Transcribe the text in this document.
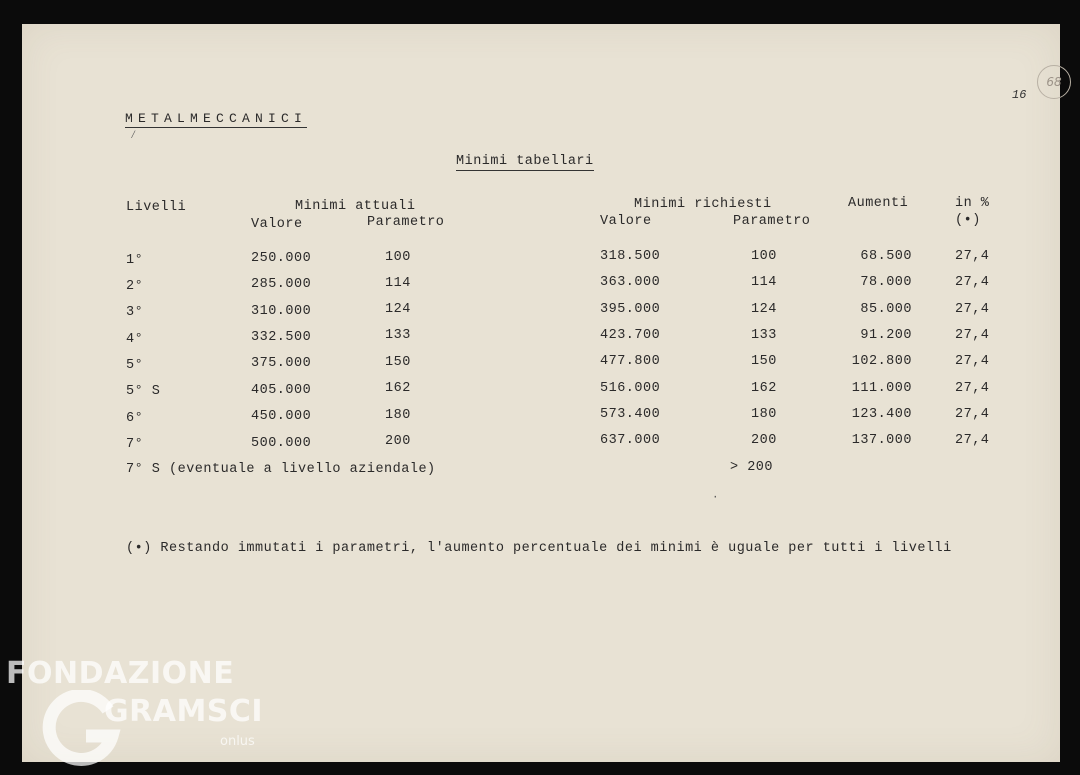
68
16
METALMECCANICI
Minimi tabellari
Livelli	Minimi attuali
Valore	Parametro
Minimi richiesti
Valore	Parametro
Aumenti	in %
(•)
1°	250.000	100	318.500	100	68.500	27,4
2°	285.000	114	363.000	114	78.000	27,4
3°	310.000	124	395.000	124	85.000	27,4
4°	332.500	133	423.700	133	91.200	27,4
5°	375.000	150	477.800	150	102.800	27,4
5° S	405.000	162	516.000	162	111.000	27,4
6°	450.000	180	573.400	180	123.400	27,4
7°	500.000	200	637.000	200	137.000	27,4
7° S (eventuale a livello aziendale)	> 200
(•) Restando immutati i parametri, l'aumento percentuale dei minimi è uguale per tutti i livelli
⁄
·
FONDAZIONE
GRAMSCI
onlus
